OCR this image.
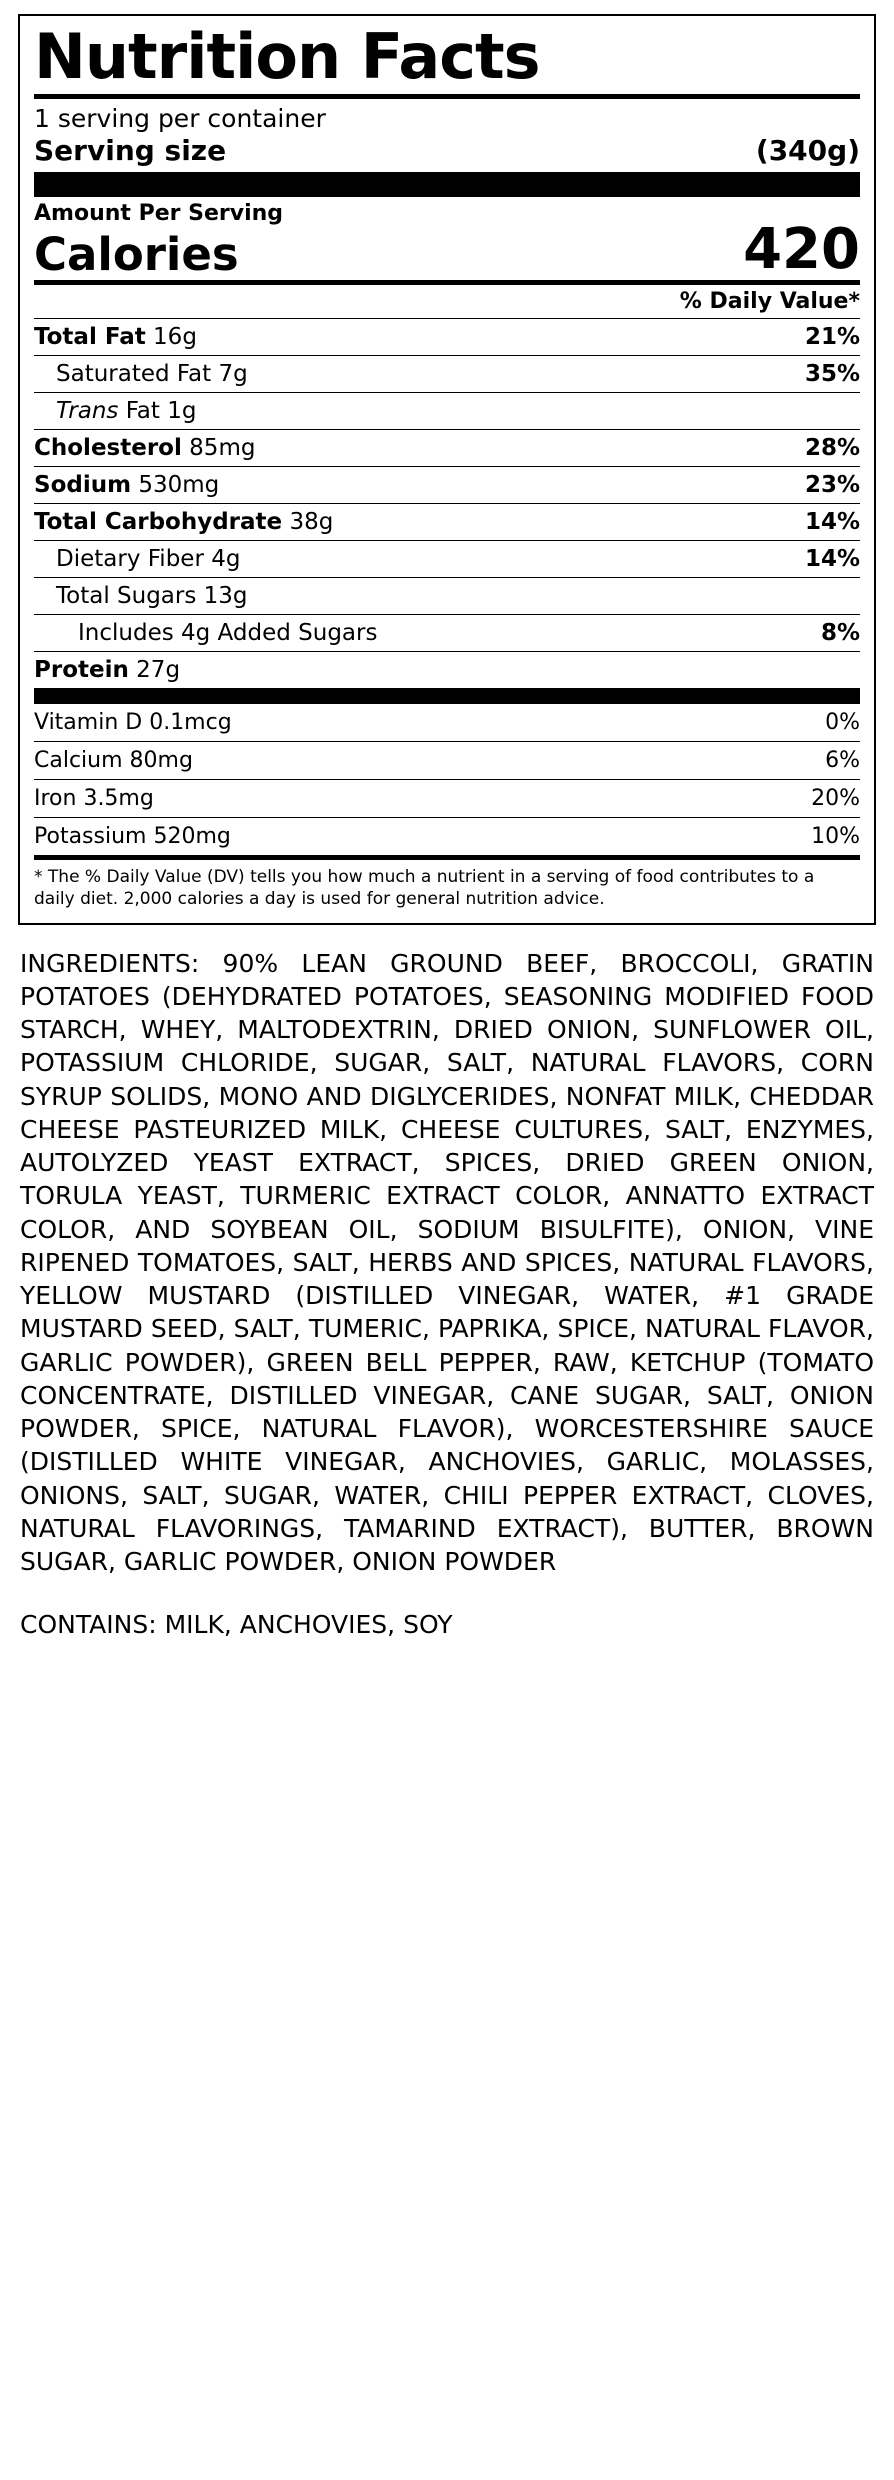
Nutrition Facts
1 serving per container
Serving size	(340g)
Amount Per Serving
Calories	420
% Daily Value*
Total Fat 16g	21%
Saturated Fat 7g	35%
Trans Fat 1g
Cholesterol 85mg	28%
Sodium 530mg	23%
Total Carbohydrate 38g	14%
Dietary Fiber 4g	14%
Total Sugars 13g
Includes 4g Added Sugars	8%
Protein 27g
Vitamin D 0.1mcg	0%
Calcium 80mg	6%
Iron 3.5mg	20%
Potassium 520mg	10%
* The % Daily Value (DV) tells you how much a nutrient in a serving of food contributes to a daily diet. 2,000 calories a day is used for general nutrition advice.
INGREDIENTS: 90% LEAN GROUND BEEF, BROCCOLI, GRATIN POTATOES (DEHYDRATED POTATOES, SEASONING MODIFIED FOOD STARCH, WHEY, MALTODEXTRIN, DRIED ONION, SUNFLOWER OIL, POTASSIUM CHLORIDE, SUGAR, SALT, NATURAL FLAVORS, CORN SYRUP SOLIDS, MONO AND DIGLYCERIDES, NONFAT MILK, CHEDDAR CHEESE PASTEURIZED MILK, CHEESE CULTURES, SALT, ENZYMES, AUTOLYZED YEAST EXTRACT, SPICES, DRIED GREEN ONION, TORULA YEAST, TURMERIC EXTRACT COLOR, ANNATTO EXTRACT COLOR, AND SOYBEAN OIL, SODIUM BISULFITE), ONION, VINE RIPENED TOMATOES, SALT, HERBS AND SPICES, NATURAL FLAVORS, YELLOW MUSTARD (DISTILLED VINEGAR, WATER, #1 GRADE MUSTARD SEED, SALT, TUMERIC, PAPRIKA, SPICE, NATURAL FLAVOR, GARLIC POWDER), GREEN BELL PEPPER, RAW, KETCHUP (TOMATO CONCENTRATE, DISTILLED VINEGAR, CANE SUGAR, SALT, ONION POWDER, SPICE, NATURAL FLAVOR), WORCESTERSHIRE SAUCE (DISTILLED WHITE VINEGAR, ANCHOVIES, GARLIC, MOLASSES, ONIONS, SALT, SUGAR, WATER, CHILI PEPPER EXTRACT, CLOVES, NATURAL FLAVORINGS, TAMARIND EXTRACT), BUTTER, BROWN SUGAR, GARLIC POWDER, ONION POWDER
CONTAINS: MILK, ANCHOVIES, SOY
